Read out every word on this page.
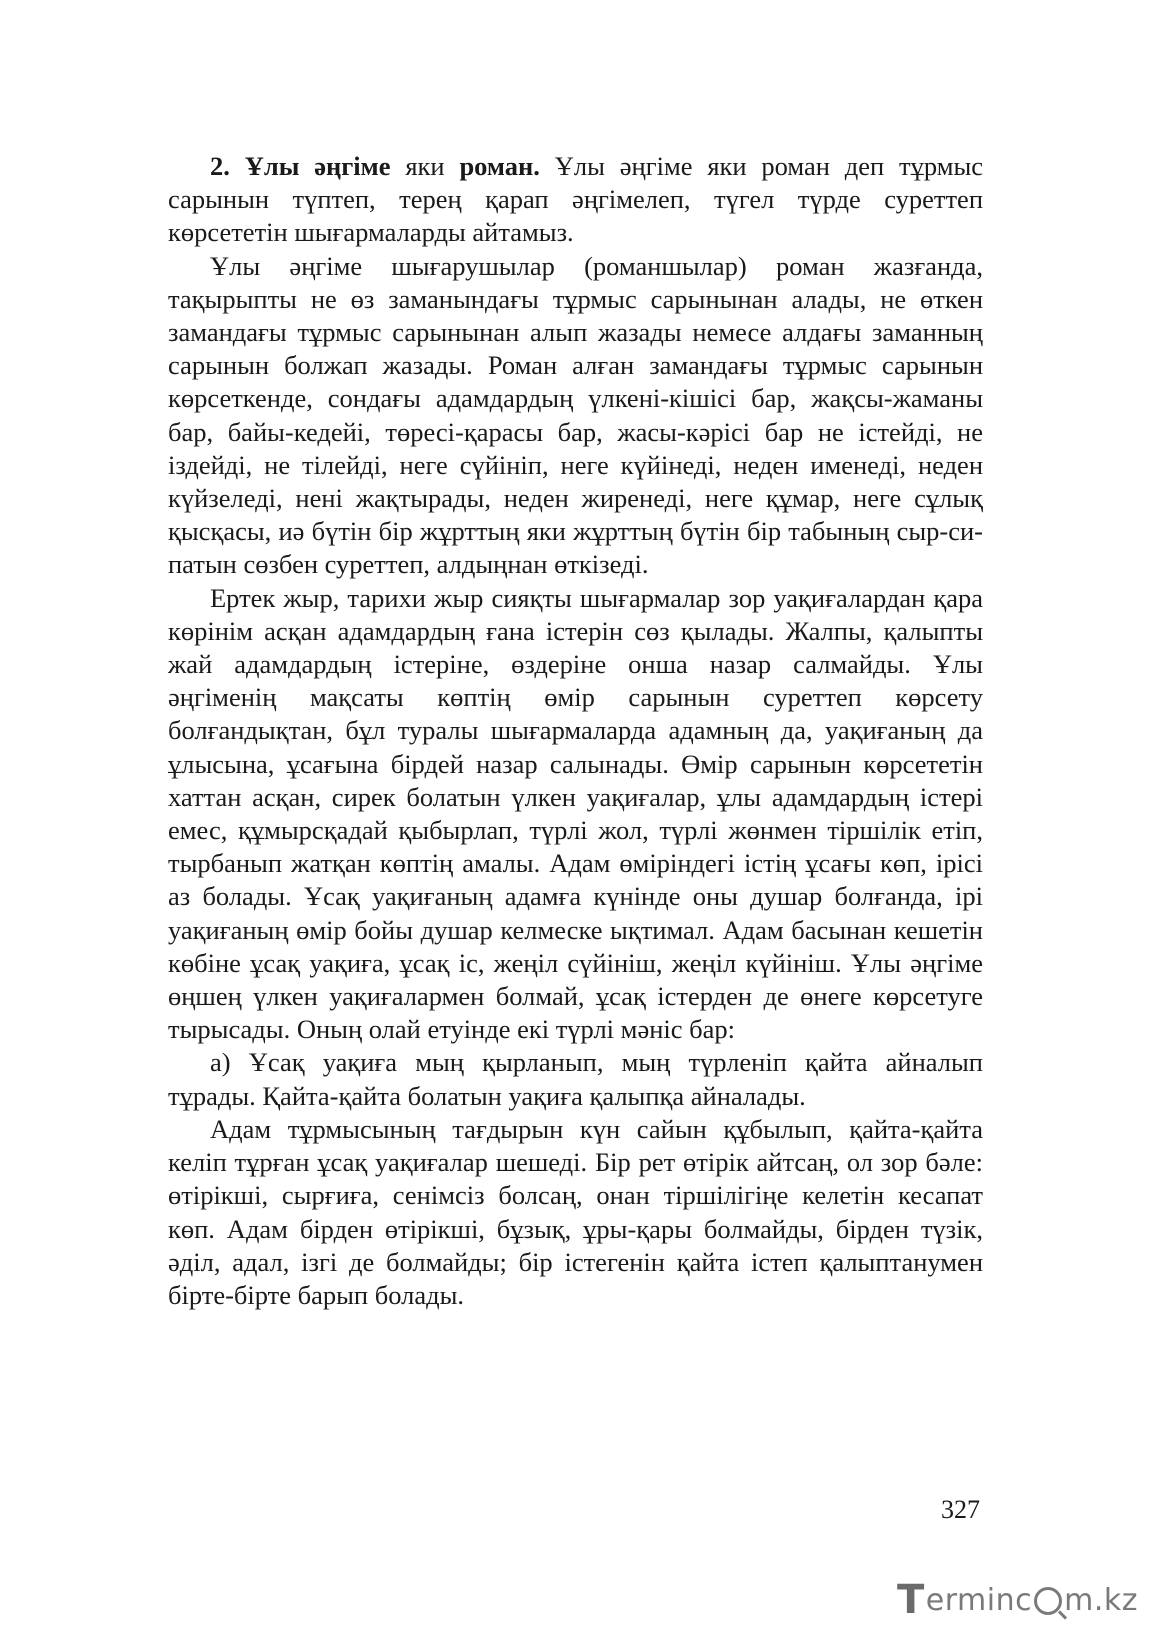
2. Ұлы әңгіме яки роман. Ұлы әңгіме яки роман деп тұрмыс сарынын түптеп, терең қарап әңгімелеп, түгел түрде суреттеп көрсететін шығармаларды айтамыз.

Ұлы әңгіме шығарушылар (романшылар) роман жазғанда, тақырыпты не өз заманындағы тұрмыс сарынынан алады, не өткен замандағы тұрмыс сарынынан алып жазады немесе алдағы заманның сарынын болжап жазады. Роман алған замандағы тұрмыс сарынын көрсеткенде, сондағы адамдардың үлкені-кішісі бар, жақсы-жаманы бар, байы-кедейі, төресі-қарасы бар, жасы-кәрісі бар не істейді, не іздейді, не тілейді, неге сүйініп, неге күйінеді, неден именеді, неден күйзеледі, нені жақтырады, неден жиренеді, неге құмар, неге сұлық қысқасы, иә бүтін бір жұрттың яки жұрттың бүтін бір табының сыр-сипатын сөзбен суреттеп, алдыңнан өткізеді.

Ертек жыр, тарихи жыр сияқты шығармалар зор уақиғалардан қара көрінім асқан адамдардың ғана істерін сөз қылады. Жалпы, қалыпты жай адамдардың істеріне, өздеріне онша назар салмайды. Ұлы әңгіменің мақсаты көптің өмір сарынын суреттеп көрсету болғандықтан, бұл туралы шығармаларда адамның да, уақиғаның да ұлысына, ұсағына бірдей назар салынады. Өмір сарынын көрсететін хаттан асқан, сирек болатын үлкен уақиғалар, ұлы адамдардың істері емес, құмырсқадай қыбырлап, түрлі жол, түрлі жөнмен тіршілік етіп, тырбанып жатқан көптің амалы. Адам өміріндегі істің ұсағы көп, ірісі аз болады. Ұсақ уақиғаның адамға күнінде оны душар болғанда, ірі уақиғаның өмір бойы душар келмеске ықтимал. Адам басынан кешетін көбіне ұсақ уақиға, ұсақ іс, жеңіл сүйініш, жеңіл күйініш. Ұлы әңгіме өңшең үлкен уақиғалармен болмай, ұсақ істерден де өнеге көрсетуге тырысады. Оның олай етуінде екі түрлі мәніс бар:

а) Ұсақ уақиға мың қырланып, мың түрленіп қайта айналып тұрады. Қайта-қайта болатын уақиға қалыпқа айналады.

Адам тұрмысының тағдырын күн сайын құбылып, қайта-қайта келіп тұрған ұсақ уақиғалар шешеді. Бір рет өтірік айтсаң, ол зор бәле: өтірікші, сырғиға, сенімсіз болсаң, онан тіршілігіңе келетін кесапат көп. Адам бірден өтірікші, бұзық, ұры-қары болмайды, бірден түзік, әділ, адал, ізгі де болмайды; бір істегенін қайта істеп қалыптанумен бірте-бірте барып болады.

327
T erminc m.kz
